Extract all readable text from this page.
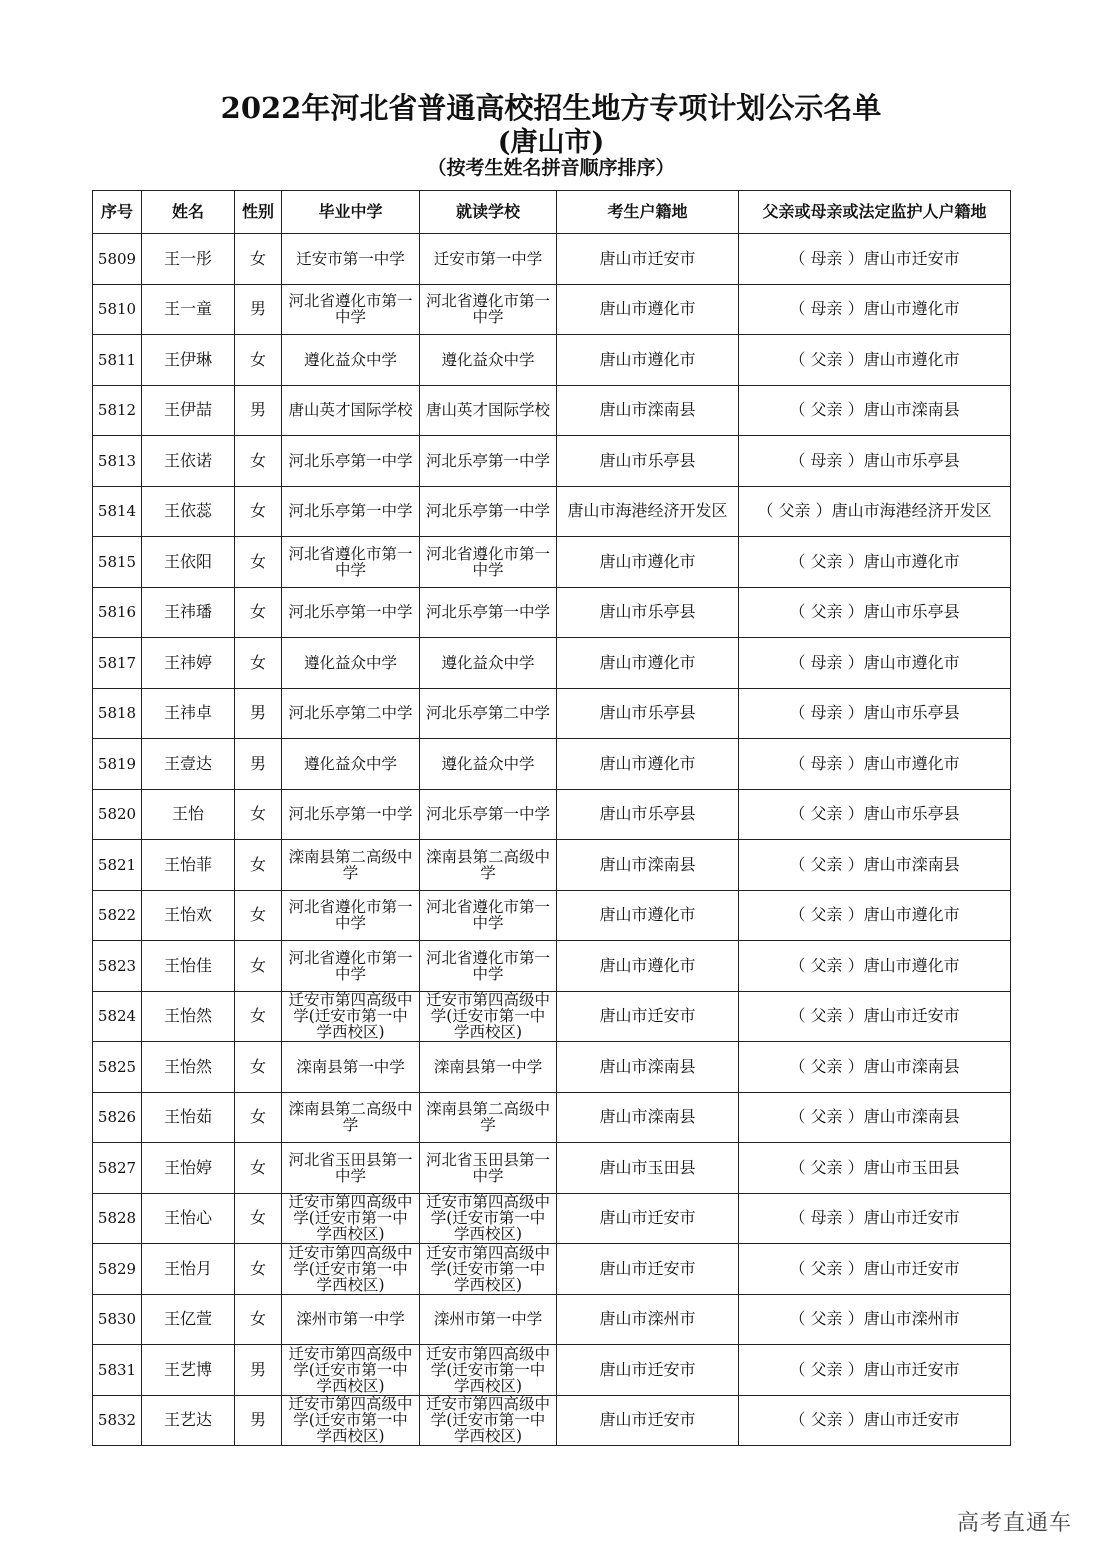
2022年河北省普通高校招生地方专项计划公示名单
(唐山市)
（按考生姓名拼音顺序排序）
序号	姓名	性别	毕业中学	就读学校	考生户籍地	父亲或母亲或法定监护人户籍地
5809	王一彤	女	迁安市第一中学	迁安市第一中学	唐山市迁安市	（ 母亲 ）唐山市迁安市
5810	王一童	男	河北省遵化市第一中学	河北省遵化市第一中学	唐山市遵化市	（ 母亲 ）唐山市遵化市
5811	王伊琳	女	遵化益众中学	遵化益众中学	唐山市遵化市	（ 父亲 ）唐山市遵化市
5812	王伊喆	男	唐山英才国际学校	唐山英才国际学校	唐山市滦南县	（ 父亲 ）唐山市滦南县
5813	王依诺	女	河北乐亭第一中学	河北乐亭第一中学	唐山市乐亭县	（ 母亲 ）唐山市乐亭县
5814	王依蕊	女	河北乐亭第一中学	河北乐亭第一中学	唐山市海港经济开发区	（ 父亲 ）唐山市海港经济开发区
5815	王依阳	女	河北省遵化市第一中学	河北省遵化市第一中学	唐山市遵化市	（ 父亲 ）唐山市遵化市
5816	王祎璠	女	河北乐亭第一中学	河北乐亭第一中学	唐山市乐亭县	（ 父亲 ）唐山市乐亭县
5817	王祎婷	女	遵化益众中学	遵化益众中学	唐山市遵化市	（ 母亲 ）唐山市遵化市
5818	王祎卓	男	河北乐亭第二中学	河北乐亭第二中学	唐山市乐亭县	（ 母亲 ）唐山市乐亭县
5819	王壹达	男	遵化益众中学	遵化益众中学	唐山市遵化市	（ 母亲 ）唐山市遵化市
5820	王怡	女	河北乐亭第一中学	河北乐亭第一中学	唐山市乐亭县	（ 父亲 ）唐山市乐亭县
5821	王怡菲	女	滦南县第二高级中学	滦南县第二高级中学	唐山市滦南县	（ 父亲 ）唐山市滦南县
5822	王怡欢	女	河北省遵化市第一中学	河北省遵化市第一中学	唐山市遵化市	（ 父亲 ）唐山市遵化市
5823	王怡佳	女	河北省遵化市第一中学	河北省遵化市第一中学	唐山市遵化市	（ 父亲 ）唐山市遵化市
5824	王怡然	女	迁安市第四高级中学(迁安市第一中学西校区)	迁安市第四高级中学(迁安市第一中学西校区)	唐山市迁安市	（ 父亲 ）唐山市迁安市
5825	王怡然	女	滦南县第一中学	滦南县第一中学	唐山市滦南县	（ 父亲 ）唐山市滦南县
5826	王怡茹	女	滦南县第二高级中学	滦南县第二高级中学	唐山市滦南县	（ 父亲 ）唐山市滦南县
5827	王怡婷	女	河北省玉田县第一中学	河北省玉田县第一中学	唐山市玉田县	（ 父亲 ）唐山市玉田县
5828	王怡心	女	迁安市第四高级中学(迁安市第一中学西校区)	迁安市第四高级中学(迁安市第一中学西校区)	唐山市迁安市	（ 母亲 ）唐山市迁安市
5829	王怡月	女	迁安市第四高级中学(迁安市第一中学西校区)	迁安市第四高级中学(迁安市第一中学西校区)	唐山市迁安市	（ 父亲 ）唐山市迁安市
5830	王亿萱	女	滦州市第一中学	滦州市第一中学	唐山市滦州市	（ 父亲 ）唐山市滦州市
5831	王艺博	男	迁安市第四高级中学(迁安市第一中学西校区)	迁安市第四高级中学(迁安市第一中学西校区)	唐山市迁安市	（ 父亲 ）唐山市迁安市
5832	王艺达	男	迁安市第四高级中学(迁安市第一中学西校区)	迁安市第四高级中学(迁安市第一中学西校区)	唐山市迁安市	（ 父亲 ）唐山市迁安市
高考直通车
